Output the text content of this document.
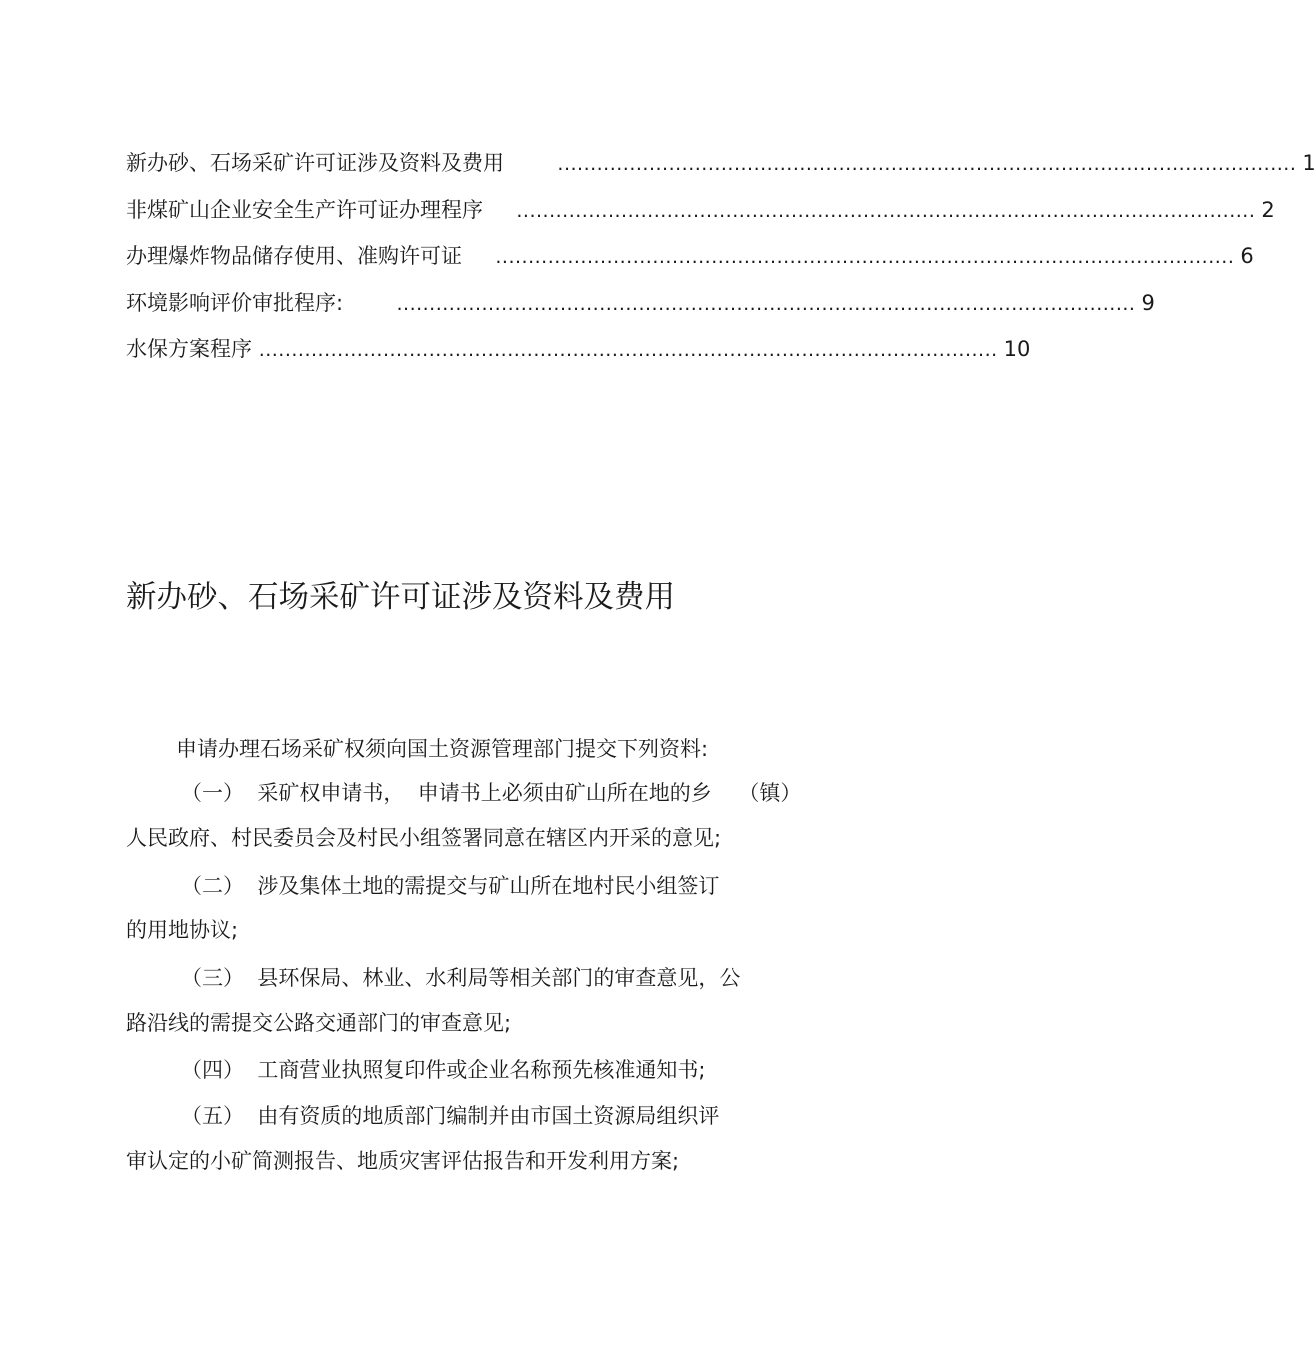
新办砂、石场采矿许可证涉及资料及费用
	................................................................................................................. 1
非煤矿山企业安全生产许可证办理程序
................................................................................................................. 2
办理爆炸物品储存使用、准购许可证
................................................................................................................. 6
环境影响评价审批程序:
	................................................................................................................. 9
水保方案程序
................................................................................................................. 10
新办砂、石场采矿许可证涉及资料及费用

申请办理石场采矿权须向国土资源管理部门提交下列资料:

（一）  采矿权申请书，  申请书上必须由矿山所在地的乡    （镇）

人民政府、村民委员会及村民小组签署同意在辖区内开采的意见;

（二）  涉及集体土地的需提交与矿山所在地村民小组签订

的用地协议;

（三）  县环保局、林业、水利局等相关部门的审查意见，公

路沿线的需提交公路交通部门的审查意见;

（四）  工商营业执照复印件或企业名称预先核准通知书;

（五）  由有资质的地质部门编制并由市国土资源局组织评

审认定的小矿简测报告、地质灾害评估报告和开发利用方案;
